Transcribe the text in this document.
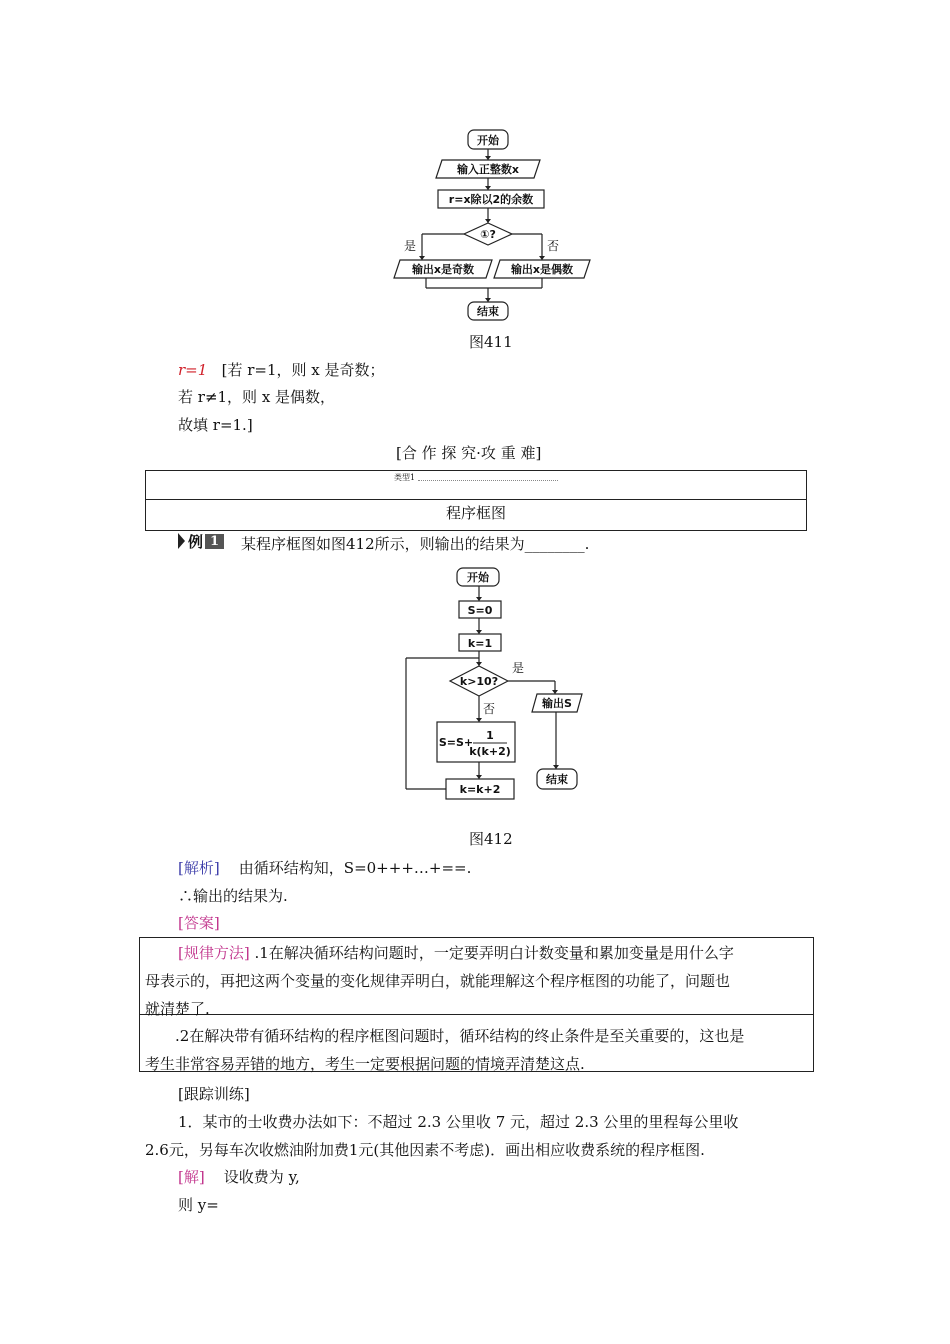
开始
输入正整数x
r=x除以2的余数
①?
是	否
输出x是奇数	输出x是偶数
结束
图411
r=1 [若 r=1，则 x 是奇数；
若 r≠1，则 x 是偶数，
故填 r=1.]
[合 作 探 究·攻 重 难]
类型1
程序框图
例 1	某程序框图如图412所示，则输出的结果为________.
开始
S=0
k=1
k>10?
是
否
S=S+
1
k(k+2)
k=k+2
输出S
结束
图412
[解析] 由循环结构知，S=0+++…+==.
∴输出的结果为.
[答案]
[规律方法] .1在解决循环结构问题时，一定要弄明白计数变量和累加变量是用什么字
母表示的，再把这两个变量的变化规律弄明白，就能理解这个程序框图的功能了，问题也
就清楚了.
.2在解决带有循环结构的程序框图问题时，循环结构的终止条件是至关重要的，这也是
考生非常容易弄错的地方，考生一定要根据问题的情境弄清楚这点.
[跟踪训练]
1．某市的士收费办法如下：不超过 2.3 公里收 7 元，超过 2.3 公里的里程每公里收
2.6元，另每车次收燃油附加费1元(其他因素不考虑)．画出相应收费系统的程序框图.
[解] 设收费为 y,
则 y=
